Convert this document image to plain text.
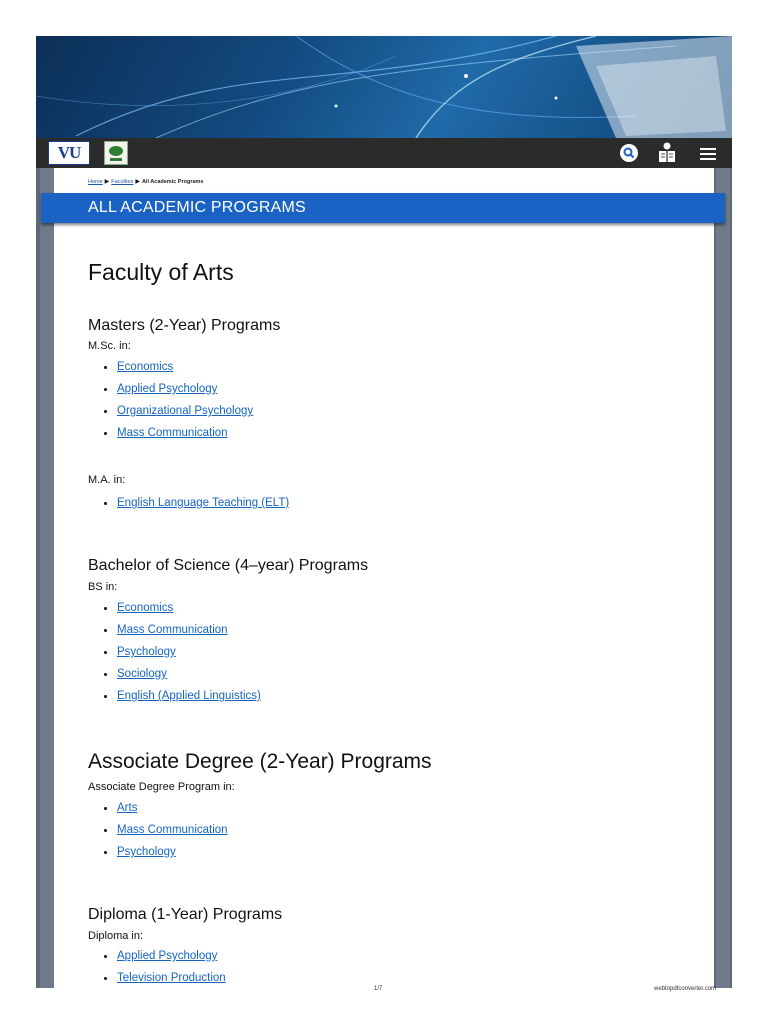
VU
Home ▶ Faculties ▶ All Academic Programs
ALL ACADEMIC PROGRAMS
Faculty of Arts
Masters (2-Year) Programs
M.Sc. in:
Economics
Applied Psychology
Organizational Psychology
Mass Communication
M.A. in:
English Language Teaching (ELT)
Bachelor of Science (4–year) Programs
BS in:
Economics
Mass Communication
Psychology
Sociology
English (Applied Linguistics)
Associate Degree (2-Year) Programs
Associate Degree Program in:
Arts
Mass Communication
Psychology
Diploma (1-Year) Programs
Diploma in:
Applied Psychology
Television Production
1/7	webtopdfconverter.com
